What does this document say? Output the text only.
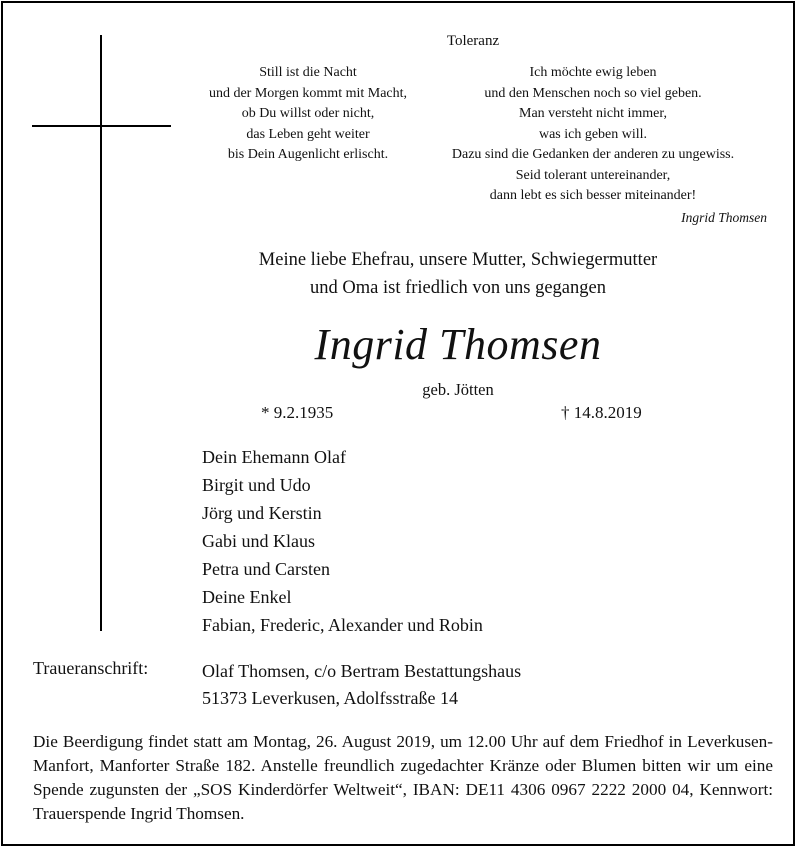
Toleranz
Still ist die Nacht
und der Morgen kommt mit Macht,
ob Du willst oder nicht,
das Leben geht weiter
bis Dein Augenlicht erlischt.
Ich möchte ewig leben
und den Menschen noch so viel geben.
Man versteht nicht immer,
was ich geben will.
Dazu sind die Gedanken der anderen zu ungewiss.
Seid tolerant untereinander,
dann lebt es sich besser miteinander!
Ingrid Thomsen
Meine liebe Ehefrau, unsere Mutter, Schwiegermutter
und Oma ist friedlich von uns gegangen
Ingrid Thomsen
geb. Jötten
* 9.2.1935	† 14.8.2019
Dein Ehemann Olaf
Birgit und Udo
Jörg und Kerstin
Gabi und Klaus
Petra und Carsten
Deine Enkel
Fabian, Frederic, Alexander und Robin
Traueranschrift:	Olaf Thomsen, c/o Bertram Bestattungshaus
51373 Leverkusen, Adolfsstraße 14

Die Beerdigung findet statt am Montag, 26. August 2019, um 12.00 Uhr auf dem Friedhof in Leverkusen-Manfort, Manforter Straße 182. Anstelle freundlich zugedachter Kränze oder Blumen bitten wir um eine Spende zugunsten der „SOS Kinderdörfer Weltweit“, IBAN: DE11 4306 0967 2222 2000 04, Kennwort: Trauerspende Ingrid Thomsen.
